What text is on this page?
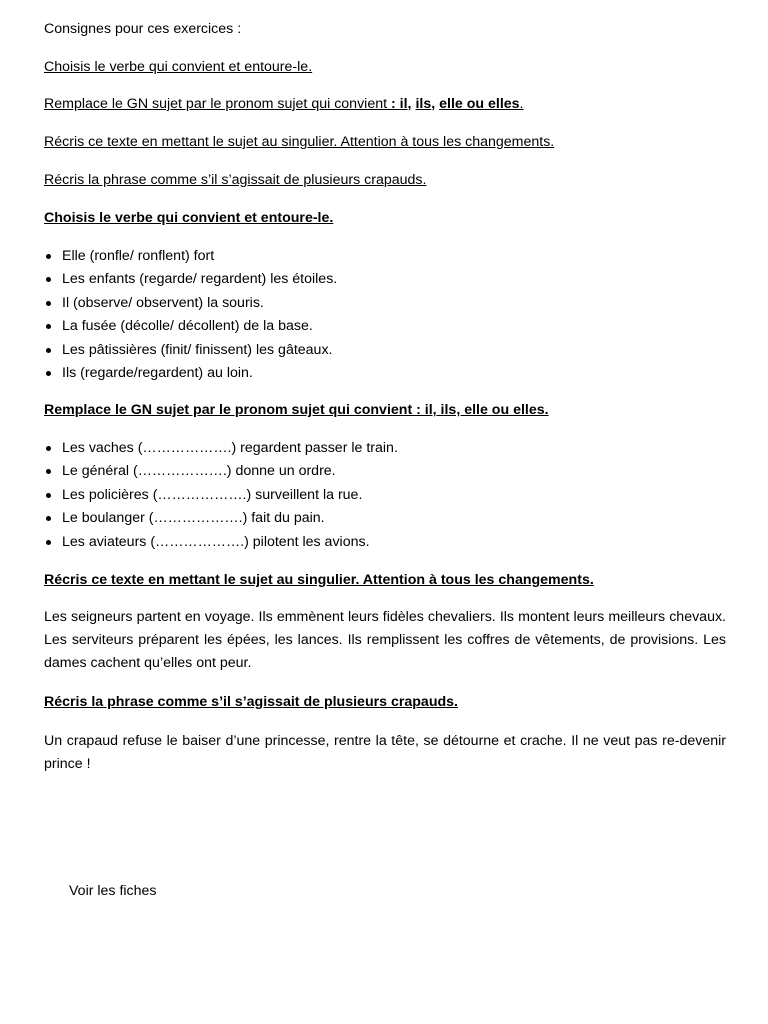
Consignes pour ces exercices :
Choisis le verbe qui convient et entoure-le.
Remplace le GN sujet par le pronom sujet qui convient : il, ils, elle ou elles.
Récris ce texte en mettant le sujet au singulier. Attention à tous les changements.
Récris la phrase comme s’il s’agissait de plusieurs crapauds.
Choisis le verbe qui convient et entoure-le.
Elle (ronfle/ ronflent) fort
Les enfants (regarde/ regardent) les étoiles.
Il (observe/ observent) la souris.
La fusée (décolle/ décollent) de la base.
Les pâtissières (finit/ finissent) les gâteaux.
Ils (regarde/regardent) au loin.
Remplace le GN sujet par le pronom sujet qui convient : il, ils, elle ou elles.
Les vaches (……………….) regardent passer le train.
Le général (……………….) donne un ordre.
Les policières (……………….) surveillent la rue.
Le boulanger (……………….) fait du pain.
Les aviateurs (……………….) pilotent les avions.
Récris ce texte en mettant le sujet au singulier. Attention à tous les changements.
Les seigneurs partent en voyage. Ils emmènent leurs fidèles chevaliers. Ils montent leurs meilleurs chevaux. Les serviteurs préparent les épées, les lances. Ils remplissent les coffres de vêtements, de provisions. Les dames cachent qu’elles ont peur.
Récris la phrase comme s’il s’agissait de plusieurs crapauds.
Un crapaud refuse le baiser d’une princesse, rentre la tête, se détourne et crache. Il ne veut pas re-devenir prince !
Voir les fiches
